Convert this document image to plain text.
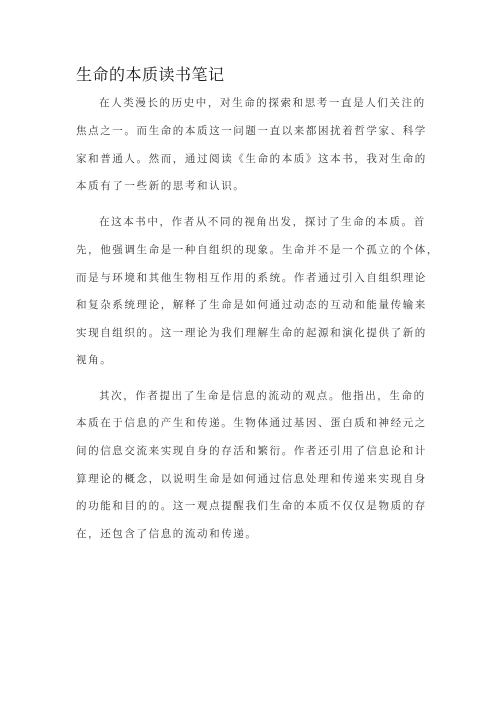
生命的本质读书笔记
在人类漫长的历史中，对生命的探索和思考一直是人们关注的
焦点之一。而生命的本质这一问题一直以来都困扰着哲学家、科学
家和普通人。然而，通过阅读《生命的本质》这本书，我对生命的
本质有了一些新的思考和认识。
在这本书中，作者从不同的视角出发，探讨了生命的本质。首
先，他强调生命是一种自组织的现象。生命并不是一个孤立的个体，
而是与环境和其他生物相互作用的系统。作者通过引入自组织理论
和复杂系统理论，解释了生命是如何通过动态的互动和能量传输来
实现自组织的。这一理论为我们理解生命的起源和演化提供了新的
视角。
其次，作者提出了生命是信息的流动的观点。他指出，生命的
本质在于信息的产生和传递。生物体通过基因、蛋白质和神经元之
间的信息交流来实现自身的存活和繁衍。作者还引用了信息论和计
算理论的概念，以说明生命是如何通过信息处理和传递来实现自身
的功能和目的的。这一观点提醒我们生命的本质不仅仅是物质的存
在，还包含了信息的流动和传递。
